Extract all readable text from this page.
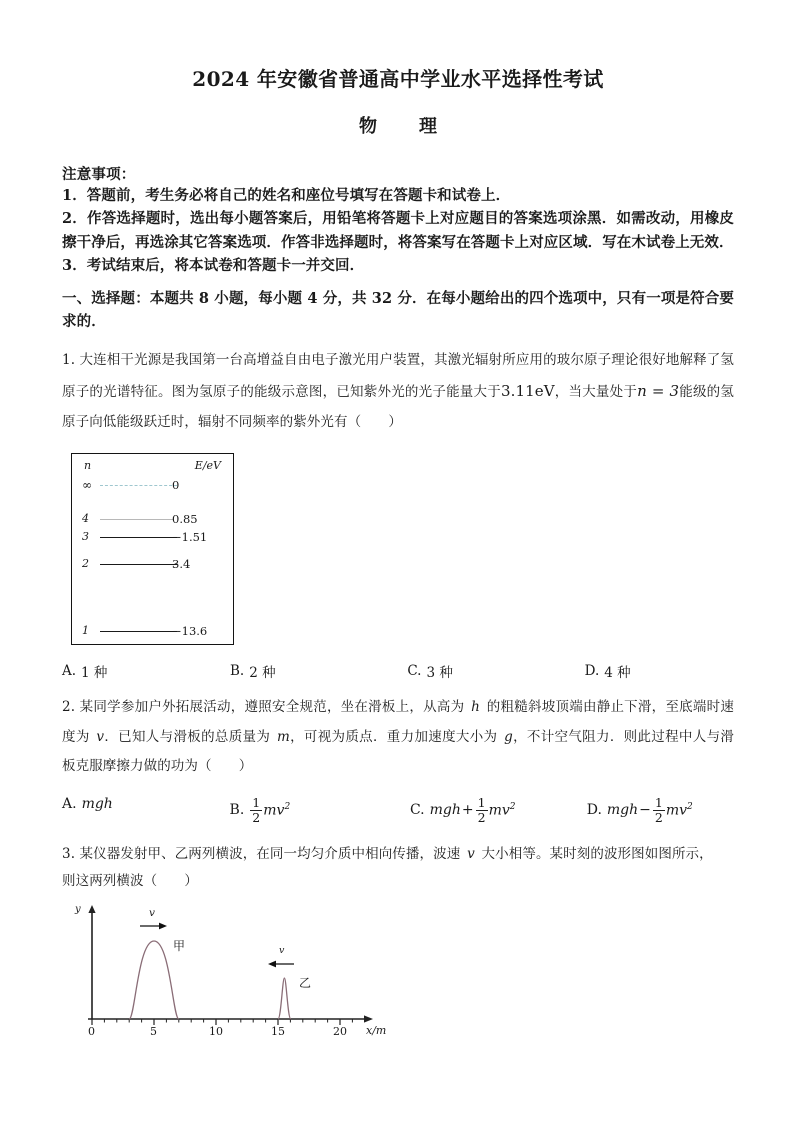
2024 年安徽省普通高中学业水平选择性考试
物　理
注意事项：
1．答题前，考生务必将自己的姓名和座位号填写在答题卡和试卷上．
2．作答选择题时，选出每小题答案后，用铅笔将答题卡上对应题目的答案选项涂黑．如需改动，用橡皮擦干净后，再选涂其它答案选项．作答非选择题时，将答案写在答题卡上对应区域．写在木试卷上无效．
3．考试结束后，将本试卷和答题卡一并交回．
一、选择题：本题共 8 小题，每小题 4 分，共 32 分．在每小题给出的四个选项中，只有一项是符合要求的．
1. 大连相干光源是我国第一台高增益自由电子激光用户装置，其激光辐射所应用的玻尔原子理论很好地解释了氢原子的光谱特征。图为氢原子的能级示意图，已知紫外光的光子能量大于3.11eV，当大量处于n = 3能级的氢原子向低能级跃迁时，辐射不同频率的紫外光有（　　）
n	E/eV
∞	0
4	0.85
3	−1.51
2	3.4
1	−13.6
A. 1 种	B. 2 种	C. 3 种	D. 4 种
2. 某同学参加户外拓展活动，遵照安全规范，坐在滑板上，从高为 h 的粗糙斜坡顶端由静止下滑，至底端时速度为 v．已知人与滑板的总质量为 m，可视为质点．重力加速度大小为 g，不计空气阻力．则此过程中人与滑板克服摩擦力做的功为（　　）
A. mgh	B. $\frac{1}{2} mv^2$	C. mgh + $\frac{1}{2} mv^2$	D. mgh − $\frac{1}{2} mv^2$
3. 某仪器发射甲、乙两列横波，在同一均匀介质中相向传播，波速 v 大小相等。某时刻的波形图如图所示，
则这两列横波（　　）
y	v
甲	v
乙
0	5	10	15	20 x/m
